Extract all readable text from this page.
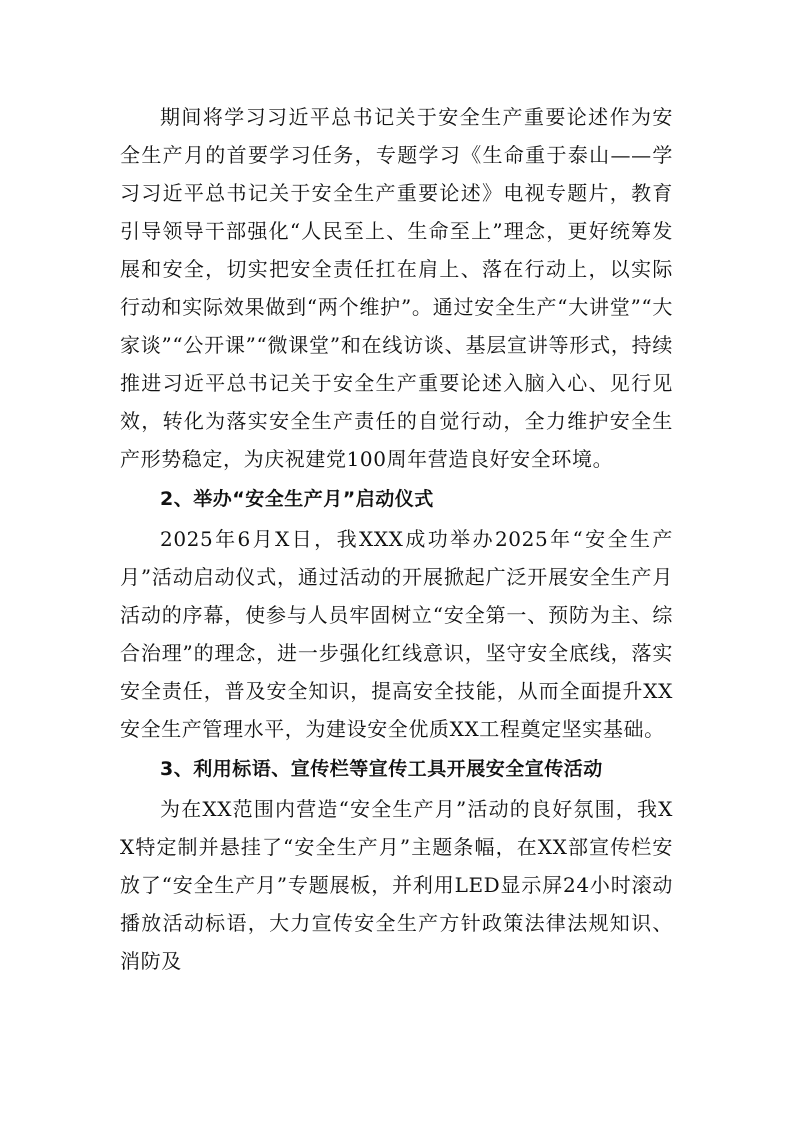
期间将学习习近平总书记关于安全生产重要论述作为安全生产月的首要学习任务，专题学习《生命重于泰山——学习习近平总书记关于安全生产重要论述》电视专题片，教育引导领导干部强化“人民至上、生命至上”理念，更好统筹发展和安全，切实把安全责任扛在肩上、落在行动上，以实际行动和实际效果做到“两个维护”。通过安全生产“大讲堂”“大家谈”“公开课”“微课堂”和在线访谈、基层宣讲等形式，持续推进习近平总书记关于安全生产重要论述入脑入心、见行见效，转化为落实安全生产责任的自觉行动，全力维护安全生产形势稳定，为庆祝建党100周年营造良好安全环境。

2、举办“安全生产月”启动仪式

2025年6月X日，我XXX成功举办2025年“安全生产月”活动启动仪式，通过活动的开展掀起广泛开展安全生产月活动的序幕，使参与人员牢固树立“安全第一、预防为主、综合治理”的理念，进一步强化红线意识，坚守安全底线，落实安全责任，普及安全知识，提高安全技能，从而全面提升XX安全生产管理水平，为建设安全优质XX工程奠定坚实基础。

3、利用标语、宣传栏等宣传工具开展安全宣传活动

为在XX范围内营造“安全生产月”活动的良好氛围，我XX特定制并悬挂了“安全生产月”主题条幅，在XX部宣传栏安放了“安全生产月”专题展板，并利用LED显示屏24小时滚动播放活动标语，大力宣传安全生产方针政策法律法规知识、消防及
